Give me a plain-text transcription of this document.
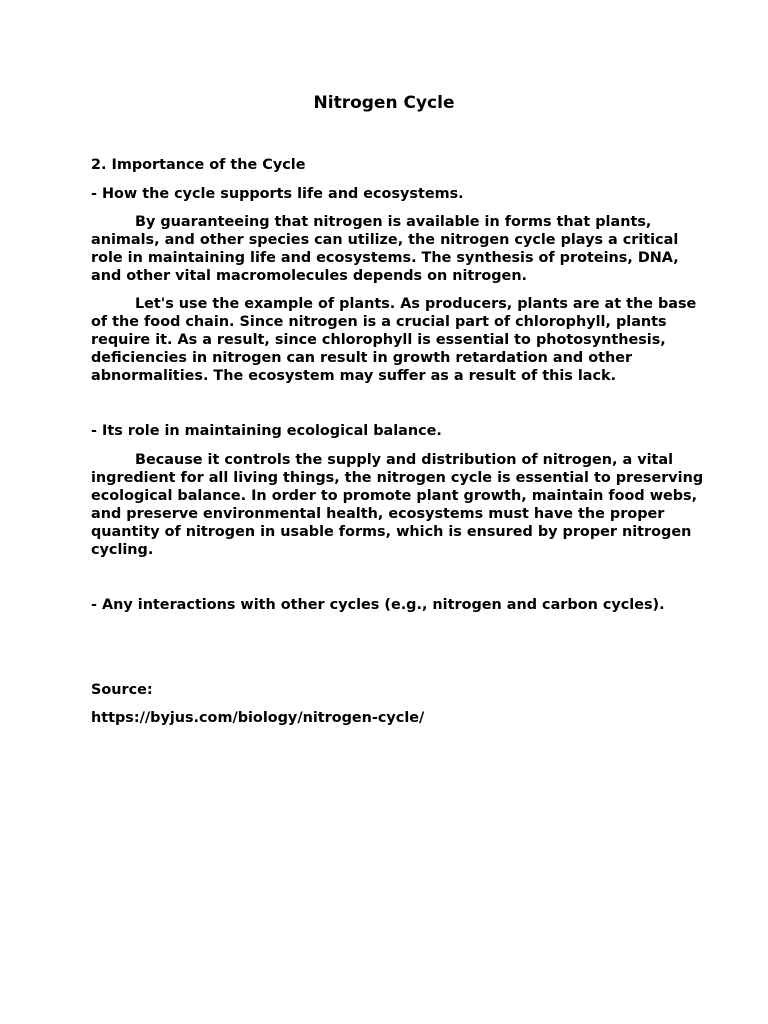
Nitrogen Cycle
2. Importance of the Cycle
- How the cycle supports life and ecosystems.
By guaranteeing that nitrogen is available in forms that plants,
animals, and other species can utilize, the nitrogen cycle plays a critical
role in maintaining life and ecosystems. The synthesis of proteins, DNA,
and other vital macromolecules depends on nitrogen.
Let's use the example of plants. As producers, plants are at the base
of the food chain. Since nitrogen is a crucial part of chlorophyll, plants
require it. As a result, since chlorophyll is essential to photosynthesis,
deficiencies in nitrogen can result in growth retardation and other
abnormalities. The ecosystem may suffer as a result of this lack.
- Its role in maintaining ecological balance.
Because it controls the supply and distribution of nitrogen, a vital
ingredient for all living things, the nitrogen cycle is essential to preserving
ecological balance. In order to promote plant growth, maintain food webs,
and preserve environmental health, ecosystems must have the proper
quantity of nitrogen in usable forms, which is ensured by proper nitrogen
cycling.
- Any interactions with other cycles (e.g., nitrogen and carbon cycles).
Source:
https://byjus.com/biology/nitrogen-cycle/
